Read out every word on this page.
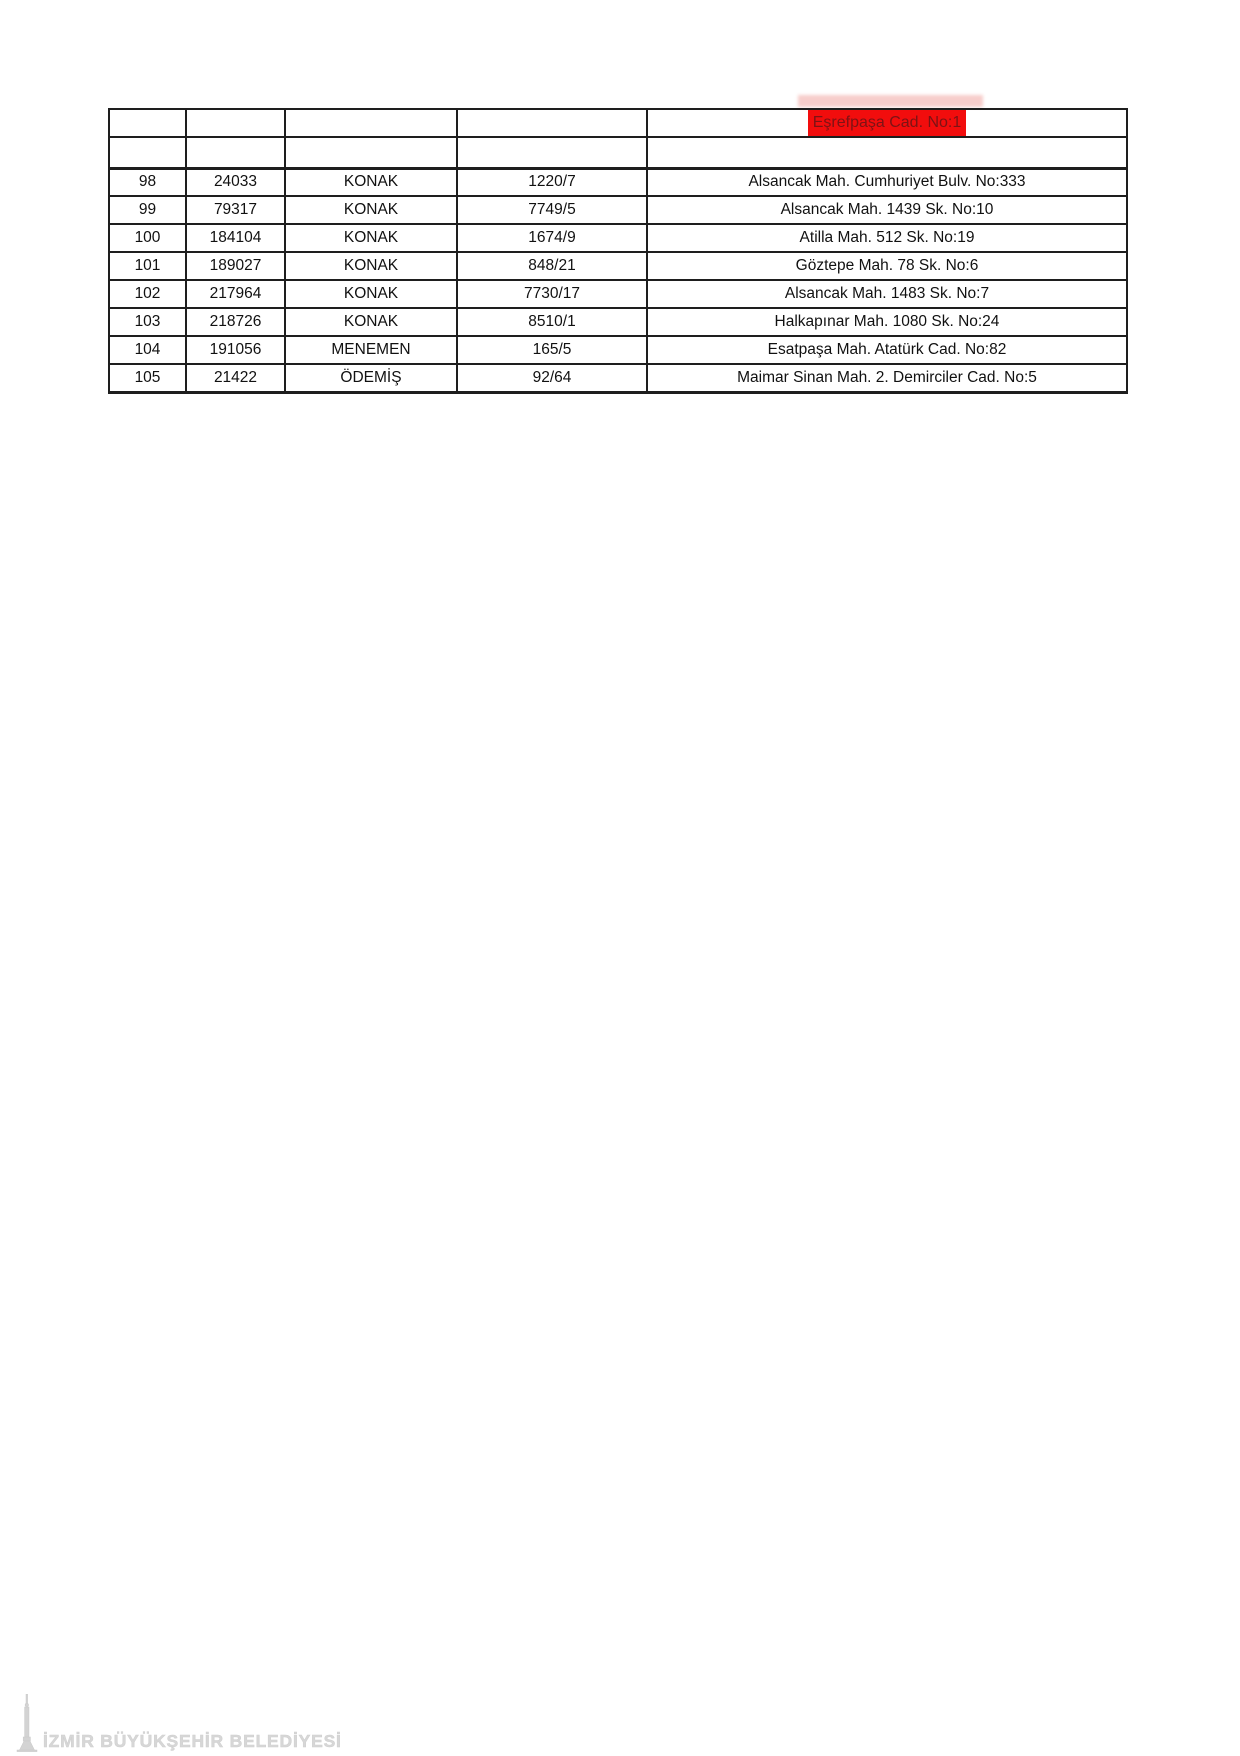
				Eşrefpaşa Cad. No:1

98	24033	KONAK	1220/7	Alsancak Mah. Cumhuriyet Bulv. No:333
99	79317	KONAK	7749/5	Alsancak Mah. 1439 Sk. No:10
100	184104	KONAK	1674/9	Atilla Mah. 512 Sk. No:19
101	189027	KONAK	848/21	Göztepe Mah. 78 Sk. No:6
102	217964	KONAK	7730/17	Alsancak Mah. 1483 Sk. No:7
103	218726	KONAK	8510/1	Halkapınar Mah. 1080 Sk. No:24
104	191056	MENEMEN	165/5	Esatpaşa Mah. Atatürk Cad. No:82
105	21422	ÖDEMİŞ	92/64	Maimar Sinan Mah. 2. Demirciler Cad. No:5
İZMİR BÜYÜKŞEHİR BELEDİYESİ
